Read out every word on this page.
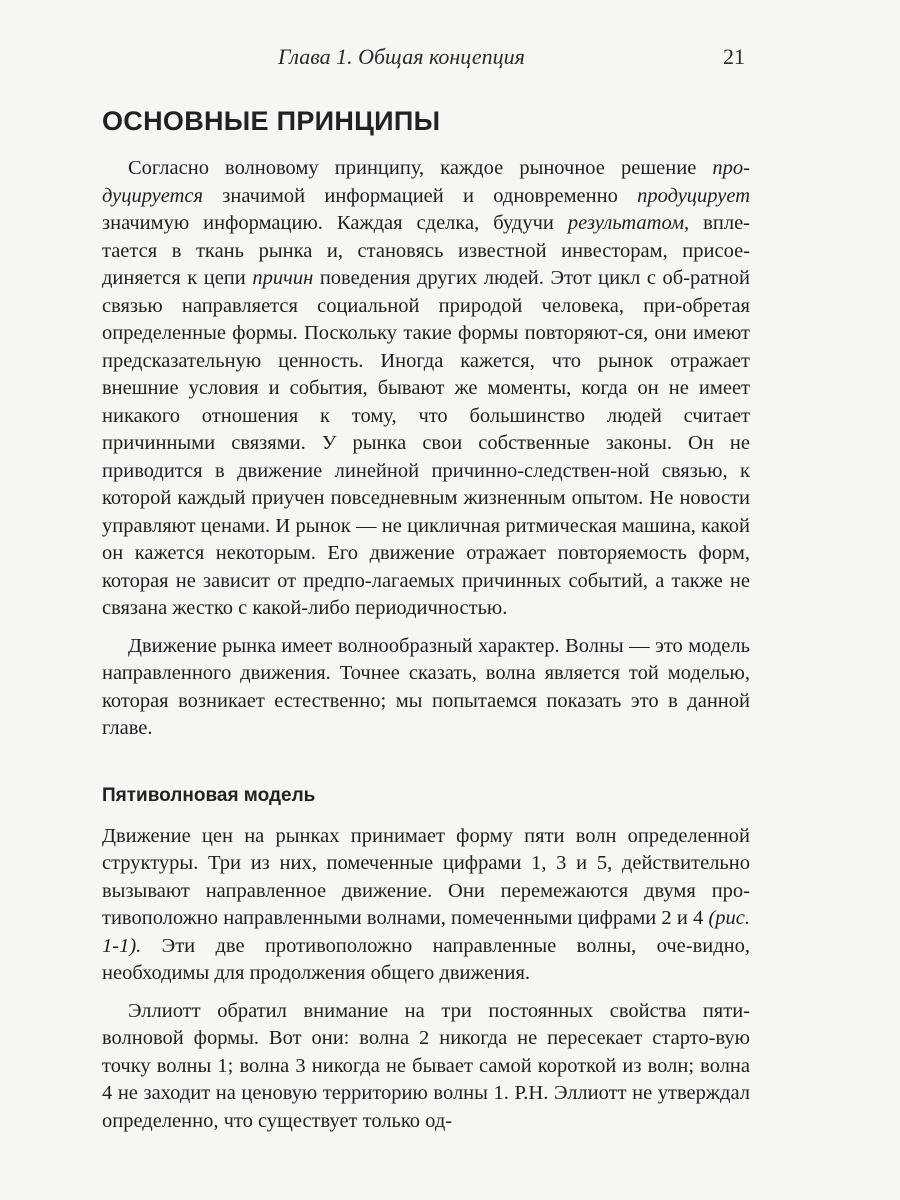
Глава 1. Общая концепция	21
ОСНОВНЫЕ ПРИНЦИПЫ

Согласно волновому принципу, каждое рыночное решение про-дуцируется значимой информацией и одновременно продуцирует значимую информацию. Каждая сделка, будучи результатом, впле-тается в ткань рынка и, становясь известной инвесторам, присое-диняется к цепи причин поведения других людей. Этот цикл с об-ратной связью направляется социальной природой человека, при-обретая определенные формы. Поскольку такие формы повторяют-ся, они имеют предсказательную ценность. Иногда кажется, что рынок отражает внешние условия и события, бывают же моменты, когда он не имеет никакого отношения к тому, что большинство людей считает причинными связями. У рынка свои собственные законы. Он не приводится в движение линейной причинно-следствен-ной связью, к которой каждый приучен повседневным жизненным опытом. Не новости управляют ценами. И рынок — не цикличная ритмическая машина, какой он кажется некоторым. Его движение отражает повторяемость форм, которая не зависит от предпо-лагаемых причинных событий, а также не связана жестко с какой-либо периодичностью.

Движение рынка имеет волнообразный характер. Волны — это модель направленного движения. Точнее сказать, волна является той моделью, которая возникает естественно; мы попытаемся показать это в данной главе.

Пятиволновая модель

Движение цен на рынках принимает форму пяти волн определенной структуры. Три из них, помеченные цифрами 1, 3 и 5, действительно вызывают направленное движение. Они перемежаются двумя про-тивоположно направленными волнами, помеченными цифрами 2 и 4 (рис. 1-1). Эти две противоположно направленные волны, оче-видно, необходимы для продолжения общего движения.

Эллиотт обратил внимание на три постоянных свойства пяти-волновой формы. Вот они: волна 2 никогда не пересекает старто-вую точку волны 1; волна 3 никогда не бывает самой короткой из волн; волна 4 не заходит на ценовую территорию волны 1. Р.Н. Эллиотт не утверждал определенно, что существует только од-
